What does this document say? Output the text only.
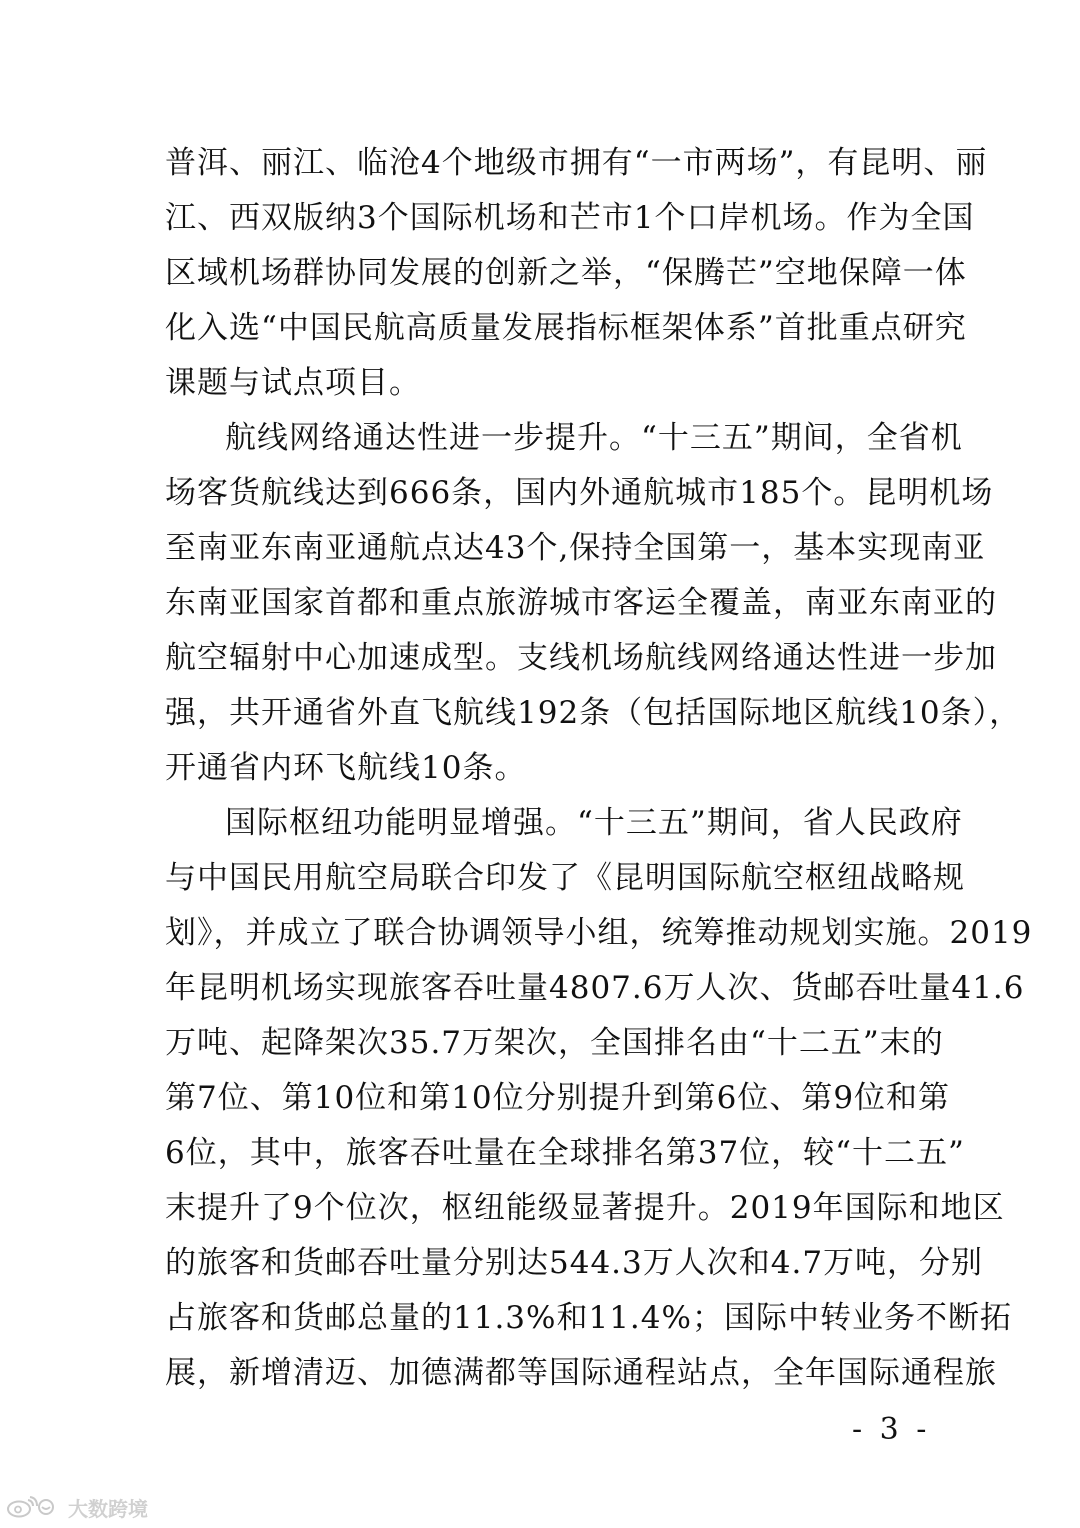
普洱、丽江、临沧4个地级市拥有“一市两场”，有昆明、丽
江、西双版纳3个国际机场和芒市1个口岸机场。作为全国
区域机场群协同发展的创新之举，“保腾芒”空地保障一体
化入选“中国民航高质量发展指标框架体系”首批重点研究
课题与试点项目。
航线网络通达性进一步提升。“十三五”期间，全省机
场客货航线达到666条，国内外通航城市185个。昆明机场
至南亚东南亚通航点达43个,保持全国第一，基本实现南亚
东南亚国家首都和重点旅游城市客运全覆盖，南亚东南亚的
航空辐射中心加速成型。支线机场航线网络通达性进一步加
强，共开通省外直飞航线192条（包括国际地区航线10条），
开通省内环飞航线10条。
国际枢纽功能明显增强。“十三五”期间，省人民政府
与中国民用航空局联合印发了《昆明国际航空枢纽战略规
划》，并成立了联合协调领导小组，统筹推动规划实施。2019
年昆明机场实现旅客吞吐量4807.6万人次、货邮吞吐量41.6
万吨、起降架次35.7万架次，全国排名由“十二五”末的
第7位、第10位和第10位分别提升到第6位、第9位和第
6位，其中，旅客吞吐量在全球排名第37位，较“十二五”
末提升了9个位次，枢纽能级显著提升。2019年国际和地区
的旅客和货邮吞吐量分别达544.3万人次和4.7万吨，分别
占旅客和货邮总量的11.3%和11.4%；国际中转业务不断拓
展，新增清迈、加德满都等国际通程站点，全年国际通程旅
- 3 -
大数跨境
